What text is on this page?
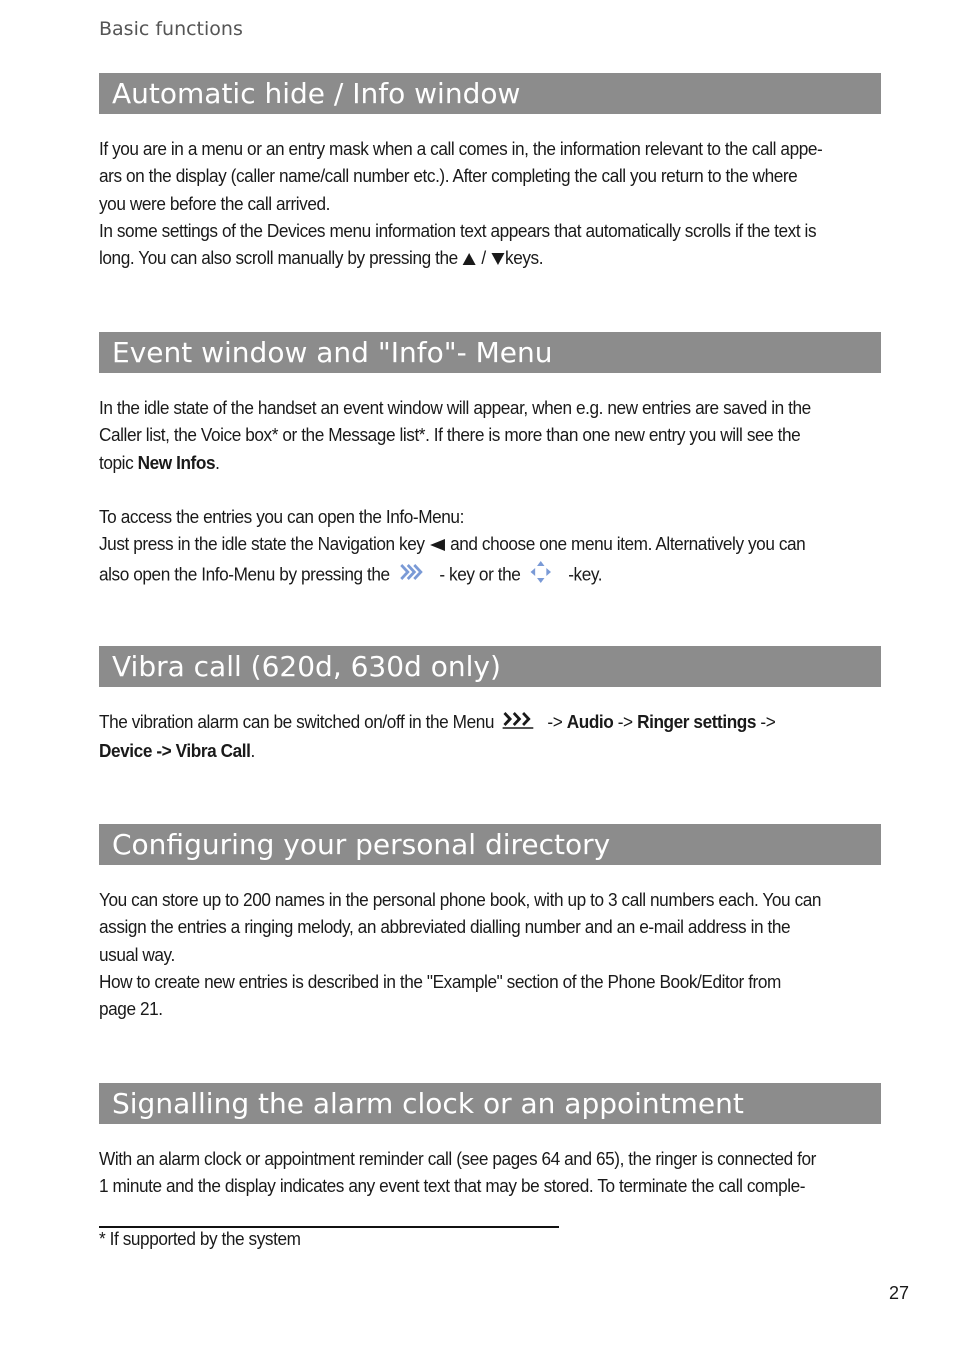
Basic functions
Automatic hide / Info window

If you are in a menu or an entry mask when a call comes in, the information relevant to the call appe-

ars on the display (caller name/call number etc.). After completing the call you return to the where

you were before the call arrived.

In some settings of the Devices menu information text appears that automatically scrolls if the text is

long. You can also scroll manually by pressing the / keys.

Event window and "Info"- Menu

In the idle state of the handset an event window will appear, when e.g. new entries are saved in the

Caller list, the Voice box* or the Message list*. If there is more than one new entry you will see the

topic New Infos.

To access the entries you can open the Info-Menu:

Just press in the idle state the Navigation key and choose one menu item. Alternatively you can

also open the Info-Menu by pressing the	- key or the	-key.

Vibra call (620d, 630d only)

The vibration alarm can be switched on/off in the Menu	-> Audio -> Ringer settings ->

Device -> Vibra Call.

Configuring your personal directory

You can store up to 200 names in the personal phone book, with up to 3 call numbers each. You can

assign the entries a ringing melody, an abbreviated dialling number and an e-mail address in the

usual way.

How to create new entries is described in the "Example" section of the Phone Book/Editor from

page 21.

Signalling the alarm clock or an appointment

With an alarm clock or appointment reminder call (see pages 64 and 65), the ringer is connected for

1 minute and the display indicates any event text that may be stored. To terminate the call comple-

* If supported by the system
27
